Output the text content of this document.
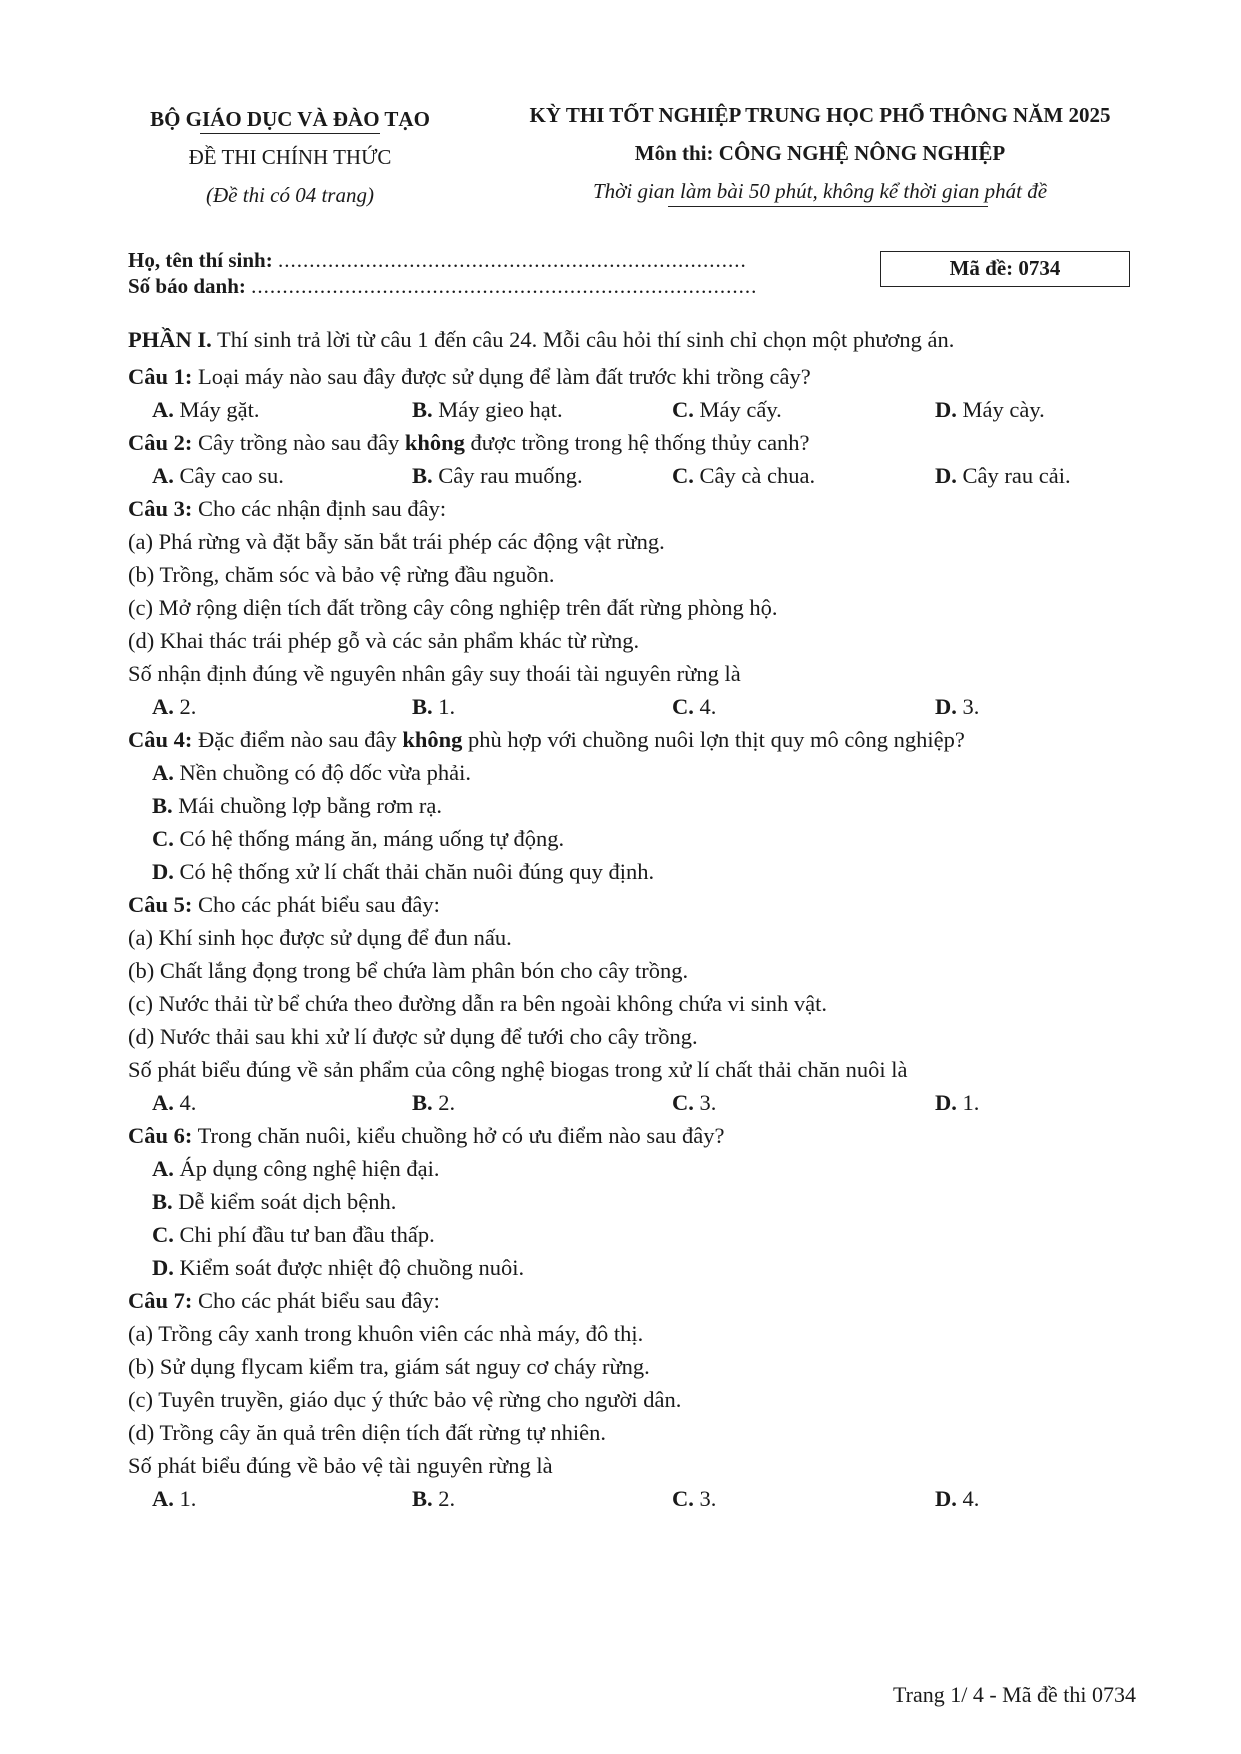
BỘ GIÁO DỤC VÀ ĐÀO TẠO
ĐỀ THI CHÍNH THỨC
(Đề thi có 04 trang)
KỲ THI TỐT NGHIỆP TRUNG HỌC PHỔ THÔNG NĂM 2025
Môn thi: CÔNG NGHỆ NÔNG NGHIỆP
Thời gian làm bài 50 phút, không kể thời gian phát đề
Họ, tên thí sinh: ...........................................................................
Số báo danh: .................................................................................
Mã đề: 0734
PHẦN I. Thí sinh trả lời từ câu 1 đến câu 24. Mỗi câu hỏi thí sinh chỉ chọn một phương án.
Câu 1: Loại máy nào sau đây được sử dụng để làm đất trước khi trồng cây?
A. Máy gặt.	B. Máy gieo hạt.	C. Máy cấy.	D. Máy cày.
Câu 2: Cây trồng nào sau đây không được trồng trong hệ thống thủy canh?
A. Cây cao su.	B. Cây rau muống.	C. Cây cà chua.	D. Cây rau cải.
Câu 3: Cho các nhận định sau đây:
(a) Phá rừng và đặt bẫy săn bắt trái phép các động vật rừng.
(b) Trồng, chăm sóc và bảo vệ rừng đầu nguồn.
(c) Mở rộng diện tích đất trồng cây công nghiệp trên đất rừng phòng hộ.
(d) Khai thác trái phép gỗ và các sản phẩm khác từ rừng.
Số nhận định đúng về nguyên nhân gây suy thoái tài nguyên rừng là
A. 2.	B. 1.	C. 4.	D. 3.
Câu 4: Đặc điểm nào sau đây không phù hợp với chuồng nuôi lợn thịt quy mô công nghiệp?
A. Nền chuồng có độ dốc vừa phải.
B. Mái chuồng lợp bằng rơm rạ.
C. Có hệ thống máng ăn, máng uống tự động.
D. Có hệ thống xử lí chất thải chăn nuôi đúng quy định.
Câu 5: Cho các phát biểu sau đây:
(a) Khí sinh học được sử dụng để đun nấu.
(b) Chất lắng đọng trong bể chứa làm phân bón cho cây trồng.
(c) Nước thải từ bể chứa theo đường dẫn ra bên ngoài không chứa vi sinh vật.
(d) Nước thải sau khi xử lí được sử dụng để tưới cho cây trồng.
Số phát biểu đúng về sản phẩm của công nghệ biogas trong xử lí chất thải chăn nuôi là
A. 4.	B. 2.	C. 3.	D. 1.
Câu 6: Trong chăn nuôi, kiểu chuồng hở có ưu điểm nào sau đây?
A. Áp dụng công nghệ hiện đại.
B. Dễ kiểm soát dịch bệnh.
C. Chi phí đầu tư ban đầu thấp.
D. Kiểm soát được nhiệt độ chuồng nuôi.
Câu 7: Cho các phát biểu sau đây:
(a) Trồng cây xanh trong khuôn viên các nhà máy, đô thị.
(b) Sử dụng flycam kiểm tra, giám sát nguy cơ cháy rừng.
(c) Tuyên truyền, giáo dục ý thức bảo vệ rừng cho người dân.
(d) Trồng cây ăn quả trên diện tích đất rừng tự nhiên.
Số phát biểu đúng về bảo vệ tài nguyên rừng là
A. 1.	B. 2.	C. 3.	D. 4.
Trang 1/ 4 - Mã đề thi 0734
